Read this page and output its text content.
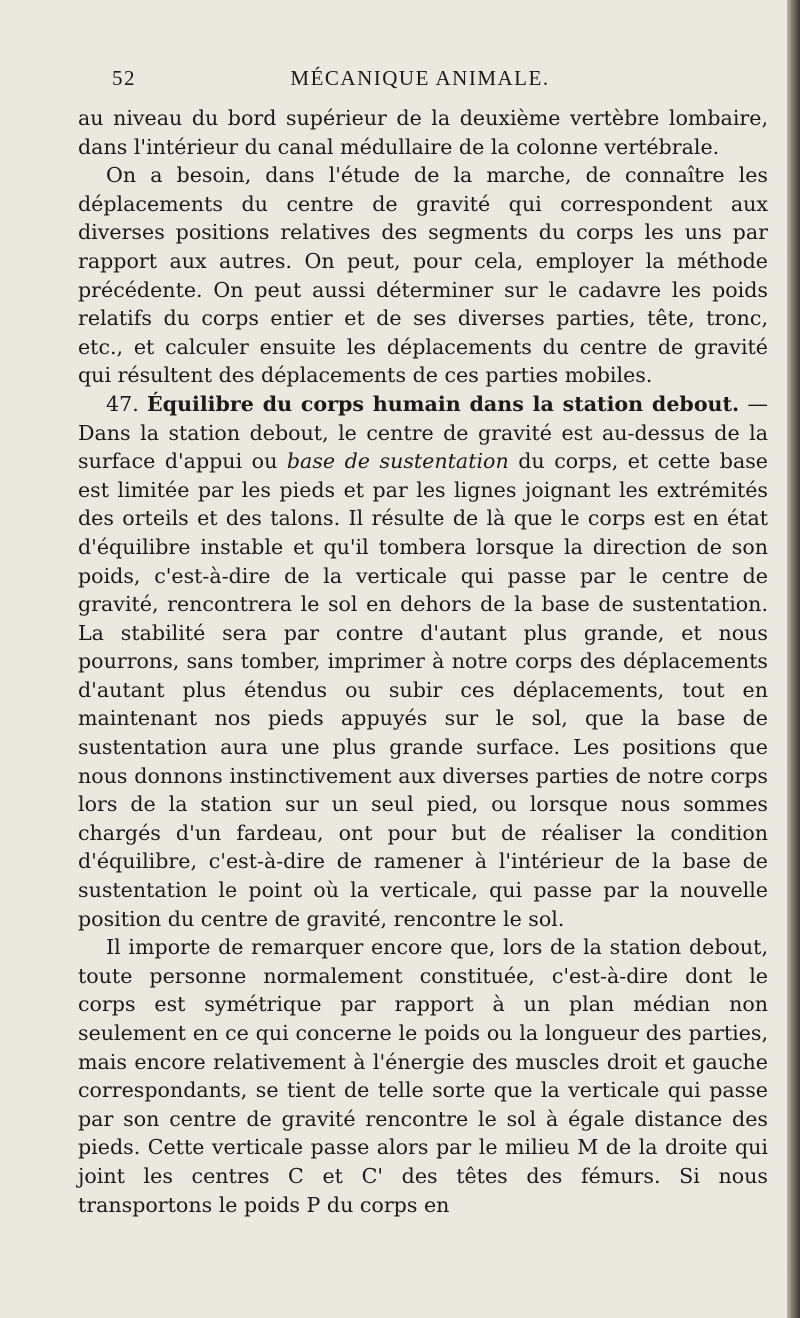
52	MÉCANIQUE ANIMALE.

au niveau du bord supérieur de la deuxième vertèbre lombaire, dans l'intérieur du canal médullaire de la colonne vertébrale.

On a besoin, dans l'étude de la marche, de connaître les déplacements du centre de gravité qui correspondent aux diverses positions relatives des segments du corps les uns par rapport aux autres. On peut, pour cela, employer la méthode précédente. On peut aussi déterminer sur le cadavre les poids relatifs du corps entier et de ses diverses parties, tête, tronc, etc., et calculer ensuite les déplacements du centre de gravité qui résultent des déplacements de ces parties mobiles.

47. Équilibre du corps humain dans la station debout. — Dans la station debout, le centre de gravité est au-dessus de la surface d'appui ou base de sustentation du corps, et cette base est limitée par les pieds et par les lignes joignant les extrémités des orteils et des talons. Il résulte de là que le corps est en état d'équilibre instable et qu'il tombera lorsque la direction de son poids, c'est-à-dire de la verticale qui passe par le centre de gravité, rencontrera le sol en dehors de la base de sustentation. La stabilité sera par contre d'autant plus grande, et nous pourrons, sans tomber, imprimer à notre corps des déplacements d'autant plus étendus ou subir ces déplacements, tout en maintenant nos pieds appuyés sur le sol, que la base de sustentation aura une plus grande surface. Les positions que nous donnons instinctivement aux diverses parties de notre corps lors de la station sur un seul pied, ou lorsque nous sommes chargés d'un fardeau, ont pour but de réaliser la condition d'équilibre, c'est-à-dire de ramener à l'intérieur de la base de sustentation le point où la verticale, qui passe par la nouvelle position du centre de gravité, rencontre le sol.

Il importe de remarquer encore que, lors de la station debout, toute personne normalement constituée, c'est-à-dire dont le corps est symétrique par rapport à un plan médian non seulement en ce qui concerne le poids ou la longueur des parties, mais encore relativement à l'énergie des muscles droit et gauche correspondants, se tient de telle sorte que la verticale qui passe par son centre de gravité rencontre le sol à égale distance des pieds. Cette verticale passe alors par le milieu M de la droite qui joint les centres C et C' des têtes des fémurs. Si nous transportons le poids P du corps en
